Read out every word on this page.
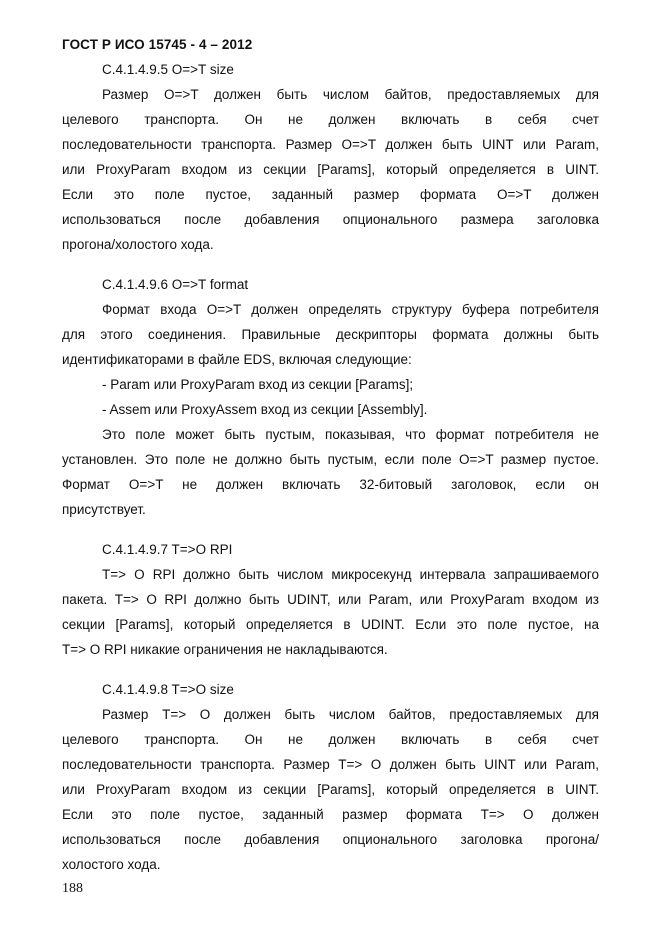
ГОСТ Р ИСО 15745 - 4 – 2012
C.4.1.4.9.5 O=>T size
Размер O=>T должен быть числом байтов, предоставляемых для
целевого транспорта. Он не должен включать в себя счет
последовательности транспорта. Размер O=>T должен быть UINT или Param,
или ProxyParam входом из секции [Params], который определяется в UINT.
Если это поле пустое, заданный размер формата O=>T должен
использоваться после добавления опционального размера заголовка
прогона/холостого хода.
C.4.1.4.9.6 O=>T format
Формат входа O=>T должен определять структуру буфера потребителя
для этого соединения. Правильные дескрипторы формата должны быть
идентификаторами в файле EDS, включая следующие:
- Param или ProxyParam вход из секции [Params];
- Assem или ProxyAssem вход из секции [Assembly].
Это поле может быть пустым, показывая, что формат потребителя не
установлен. Это поле не должно быть пустым, если поле O=>T размер пустое.
Формат O=>T не должен включать 32-битовый заголовок, если он
присутствует.
C.4.1.4.9.7 T=>O RPI
T=> O RPI должно быть числом микросекунд интервала запрашиваемого
пакета. T=> O RPI должно быть UDINT, или Param, или ProxyParam входом из
секции [Params], который определяется в UDINT. Если это поле пустое, на
T=> O RPI никакие ограничения не накладываются.
C.4.1.4.9.8 T=>O size
Размер T=> O должен быть числом байтов, предоставляемых для
целевого транспорта. Он не должен включать в себя счет
последовательности транспорта. Размер T=> O должен быть UINT или Param,
или ProxyParam входом из секции [Params], который определяется в UINT.
Если это поле пустое, заданный размер формата T=> O должен
использоваться после добавления опционального заголовка прогона/
холостого хода.
188
